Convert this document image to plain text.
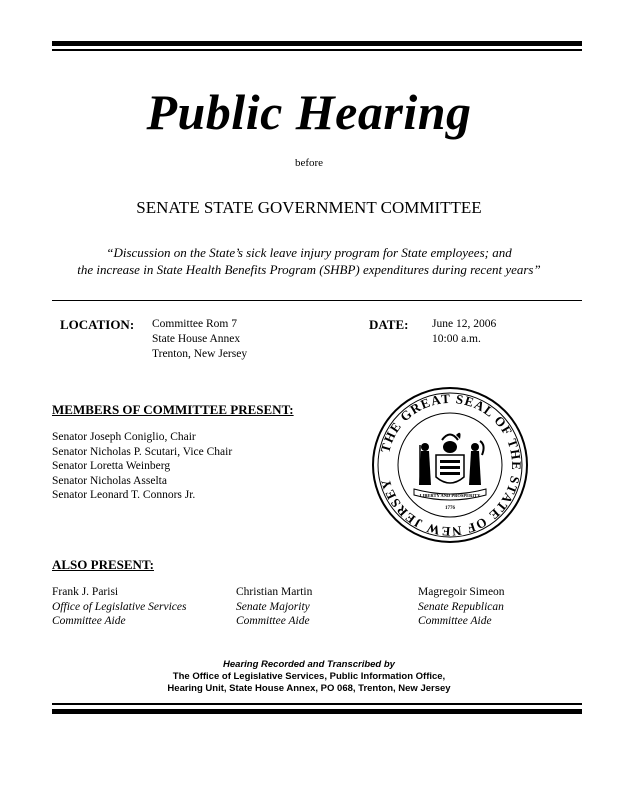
Public Hearing
before
SENATE STATE GOVERNMENT COMMITTEE
“Discussion on the State’s sick leave injury program for State employees; and
the increase in State Health Benefits Program (SHBP) expenditures during recent years”
LOCATION: Committee Rom 7
State House Annex
Trenton, New Jersey
DATE: June 12, 2006
10:00 a.m.
MEMBERS OF COMMITTEE PRESENT:
Senator Joseph Coniglio, Chair
Senator Nicholas P. Scutari, Vice Chair
Senator Loretta Weinberg
Senator Nicholas Asselta
Senator Leonard T. Connors Jr.
THE GREAT SEAL OF THE STATE OF NEW JERSEY
LIBERTY AND PROSPERITY
1776
ALSO PRESENT:
Frank J. Parisi
Office of Legislative Services
Committee Aide
Christian Martin
Senate Majority
Committee Aide
Magregoir Simeon
Senate Republican
Committee Aide
Hearing Recorded and Transcribed by
The Office of Legislative Services, Public Information Office,
Hearing Unit, State House Annex, PO 068, Trenton, New Jersey
